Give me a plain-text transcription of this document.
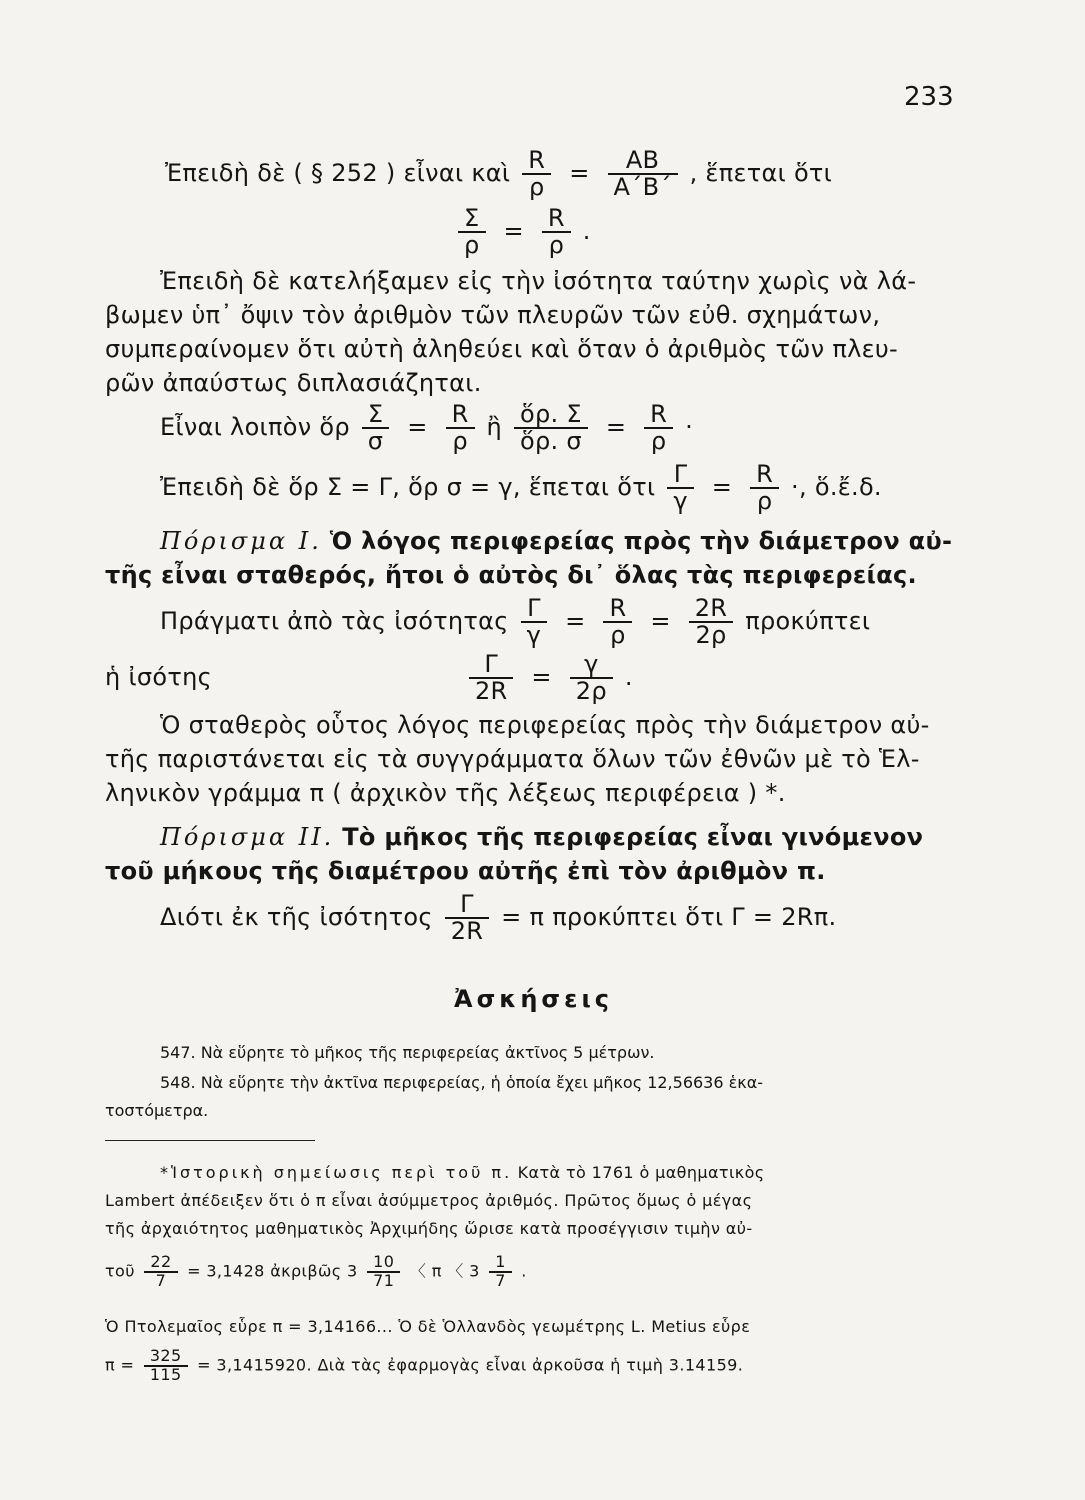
233
Ἐπειδὴ δὲ ( § 252 ) εἶναι καὶ $\frac{R}{\rho} = \frac{AB}{A΄B΄}$ , ἕπεται ὅτι
$\frac{\Sigma}{\rho} = \frac{R}{\rho}$ .
Ἐπειδὴ δὲ κατελήξαμεν εἰς τὴν ἰσότητα ταύτην χωρὶς νὰ λά-
βωμεν ὑπ᾽ ὄψιν τὸν ἀριθμὸν τῶν πλευρῶν τῶν εὐθ. σχημάτων,
συμπεραίνομεν ὅτι αὐτὴ ἀληθεύει καὶ ὅταν ὁ ἀριθμὸς τῶν πλευ-
ρῶν ἀπαύστως διπλασιάζηται.
Εἶναι λοιπὸν ὅρ $\frac{\Sigma}{\sigma} = \frac{R}{\rho}$ ἢ $\frac{\text{ὅρ. Σ}}{\text{ὅρ. σ}} = \frac{R}{\rho}$ ·
Ἐπειδὴ δὲ ὅρ Σ = Γ, ὅρ σ = γ, ἕπεται ὅτι $\frac{\Gamma}{\gamma} = \frac{R}{\rho}$ ·, ὅ.ἔ.δ.
Πόρισμα Ι. Ὁ λόγος περιφερείας πρὸς τὴν διάμετρον αὐ-
τῆς εἶναι σταθερός, ἤτοι ὁ αὐτὸς δι᾽ ὅλας τὰς περιφερείας.
Πράγματι ἀπὸ τὰς ἰσότητας $\frac{\Gamma}{\gamma} = \frac{R}{\rho} = \frac{2R}{2\rho}$ προκύπτει
ἡ ἰσότης	$\frac{\Gamma}{2R} = \frac{\gamma}{2\rho}$ .
Ὁ σταθερὸς οὗτος λόγος περιφερείας πρὸς τὴν διάμετρον αὐ-
τῆς παριστάνεται εἰς τὰ συγγράμματα ὅλων τῶν ἐθνῶν μὲ τὸ Ἑλ-
ληνικὸν γράμμα π ( ἀρχικὸν τῆς λέξεως περιφέρεια ) *.
Πόρισμα ΙΙ. Τὸ μῆκος τῆς περιφερείας εἶναι γινόμενον
τοῦ μήκους τῆς διαμέτρου αὐτῆς ἐπὶ τὸν ἀριθμὸν π.
Διότι ἐκ τῆς ἰσότητος $\frac{\Gamma}{2R} = \pi$ προκύπτει ὅτι Γ = 2Rπ.
Ἀσκήσεις
547. Νὰ εὕρητε τὸ μῆκος τῆς περιφερείας ἀκτῖνος 5 μέτρων.
548. Νὰ εὕρητε τὴν ἀκτῖνα περιφερείας, ἡ ὁποία ἔχει μῆκος 12,56636 ἑκα-
τοστόμετρα.
*Ἱστορικὴ σημείωσις περὶ τοῦ π. Κατὰ τὸ 1761 ὁ μαθηματικὸς
Lambert ἀπέδειξεν ὅτι ὁ π εἶναι ἀσύμμετρος ἀριθμός. Πρῶτος ὅμως ὁ μέγας
τῆς ἀρχαιότητος μαθηματικὸς Ἀρχιμήδης ὥρισε κατὰ προσέγγισιν τιμὴν αὐ-
τοῦ $\frac{22}{7} = 3,1428$ ἀκριβῶς $3 \frac{10}{71}$ 〈 π 〈 $3 \frac{1}{7}$ .
Ὁ Πτολεμαῖος εὗρε π = 3,14166... Ὁ δὲ Ὁλλανδὸς γεωμέτρης L. Metius εὗρε
$\pi = \frac{325}{115} = 3,1415920$. Διὰ τὰς ἐφαρμογὰς εἶναι ἀρκοῦσα ἡ τιμὴ 3.14159.
